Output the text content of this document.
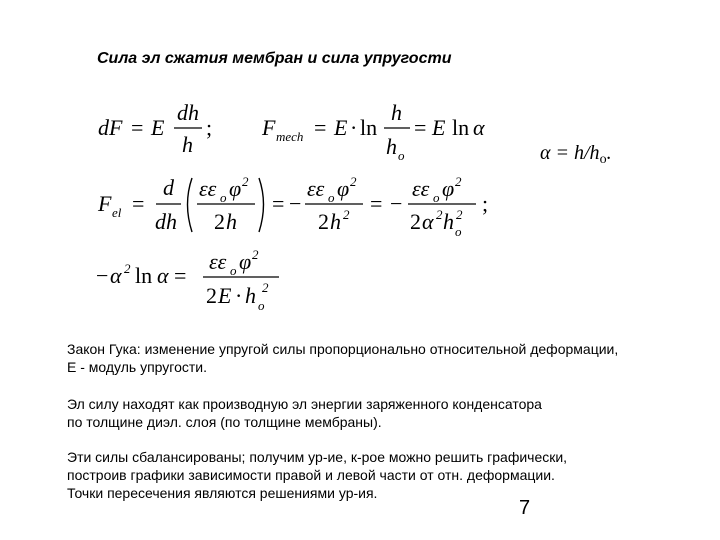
Сила эл сжатия мембран и сила упругости
dF = E
dh
h
; F mech = E · ln
h
h o
= E ln α
F el =
d
dh
εε o φ 2
2 h
= −
εε o φ 2
2 h 2 = −
εε o φ 2
2 α 2 h o
2 ;
− α 2 ln α =
εε o φ 2
2 E · h o
2
$\alpha = h/h_o$.
Закон Гука: изменение упругой силы пропорционально относительной деформации,
E - модуль упругости.
Эл силу находят как производную эл энергии заряженного конденсатора
по толщине диэл. слоя (по толщине мембраны).
Эти силы сбалансированы; получим ур-ие, к-рое можно решить графически,
построив графики зависимости правой и левой части от отн. деформации.
Точки пересечения являются решениями ур-ия.
7
